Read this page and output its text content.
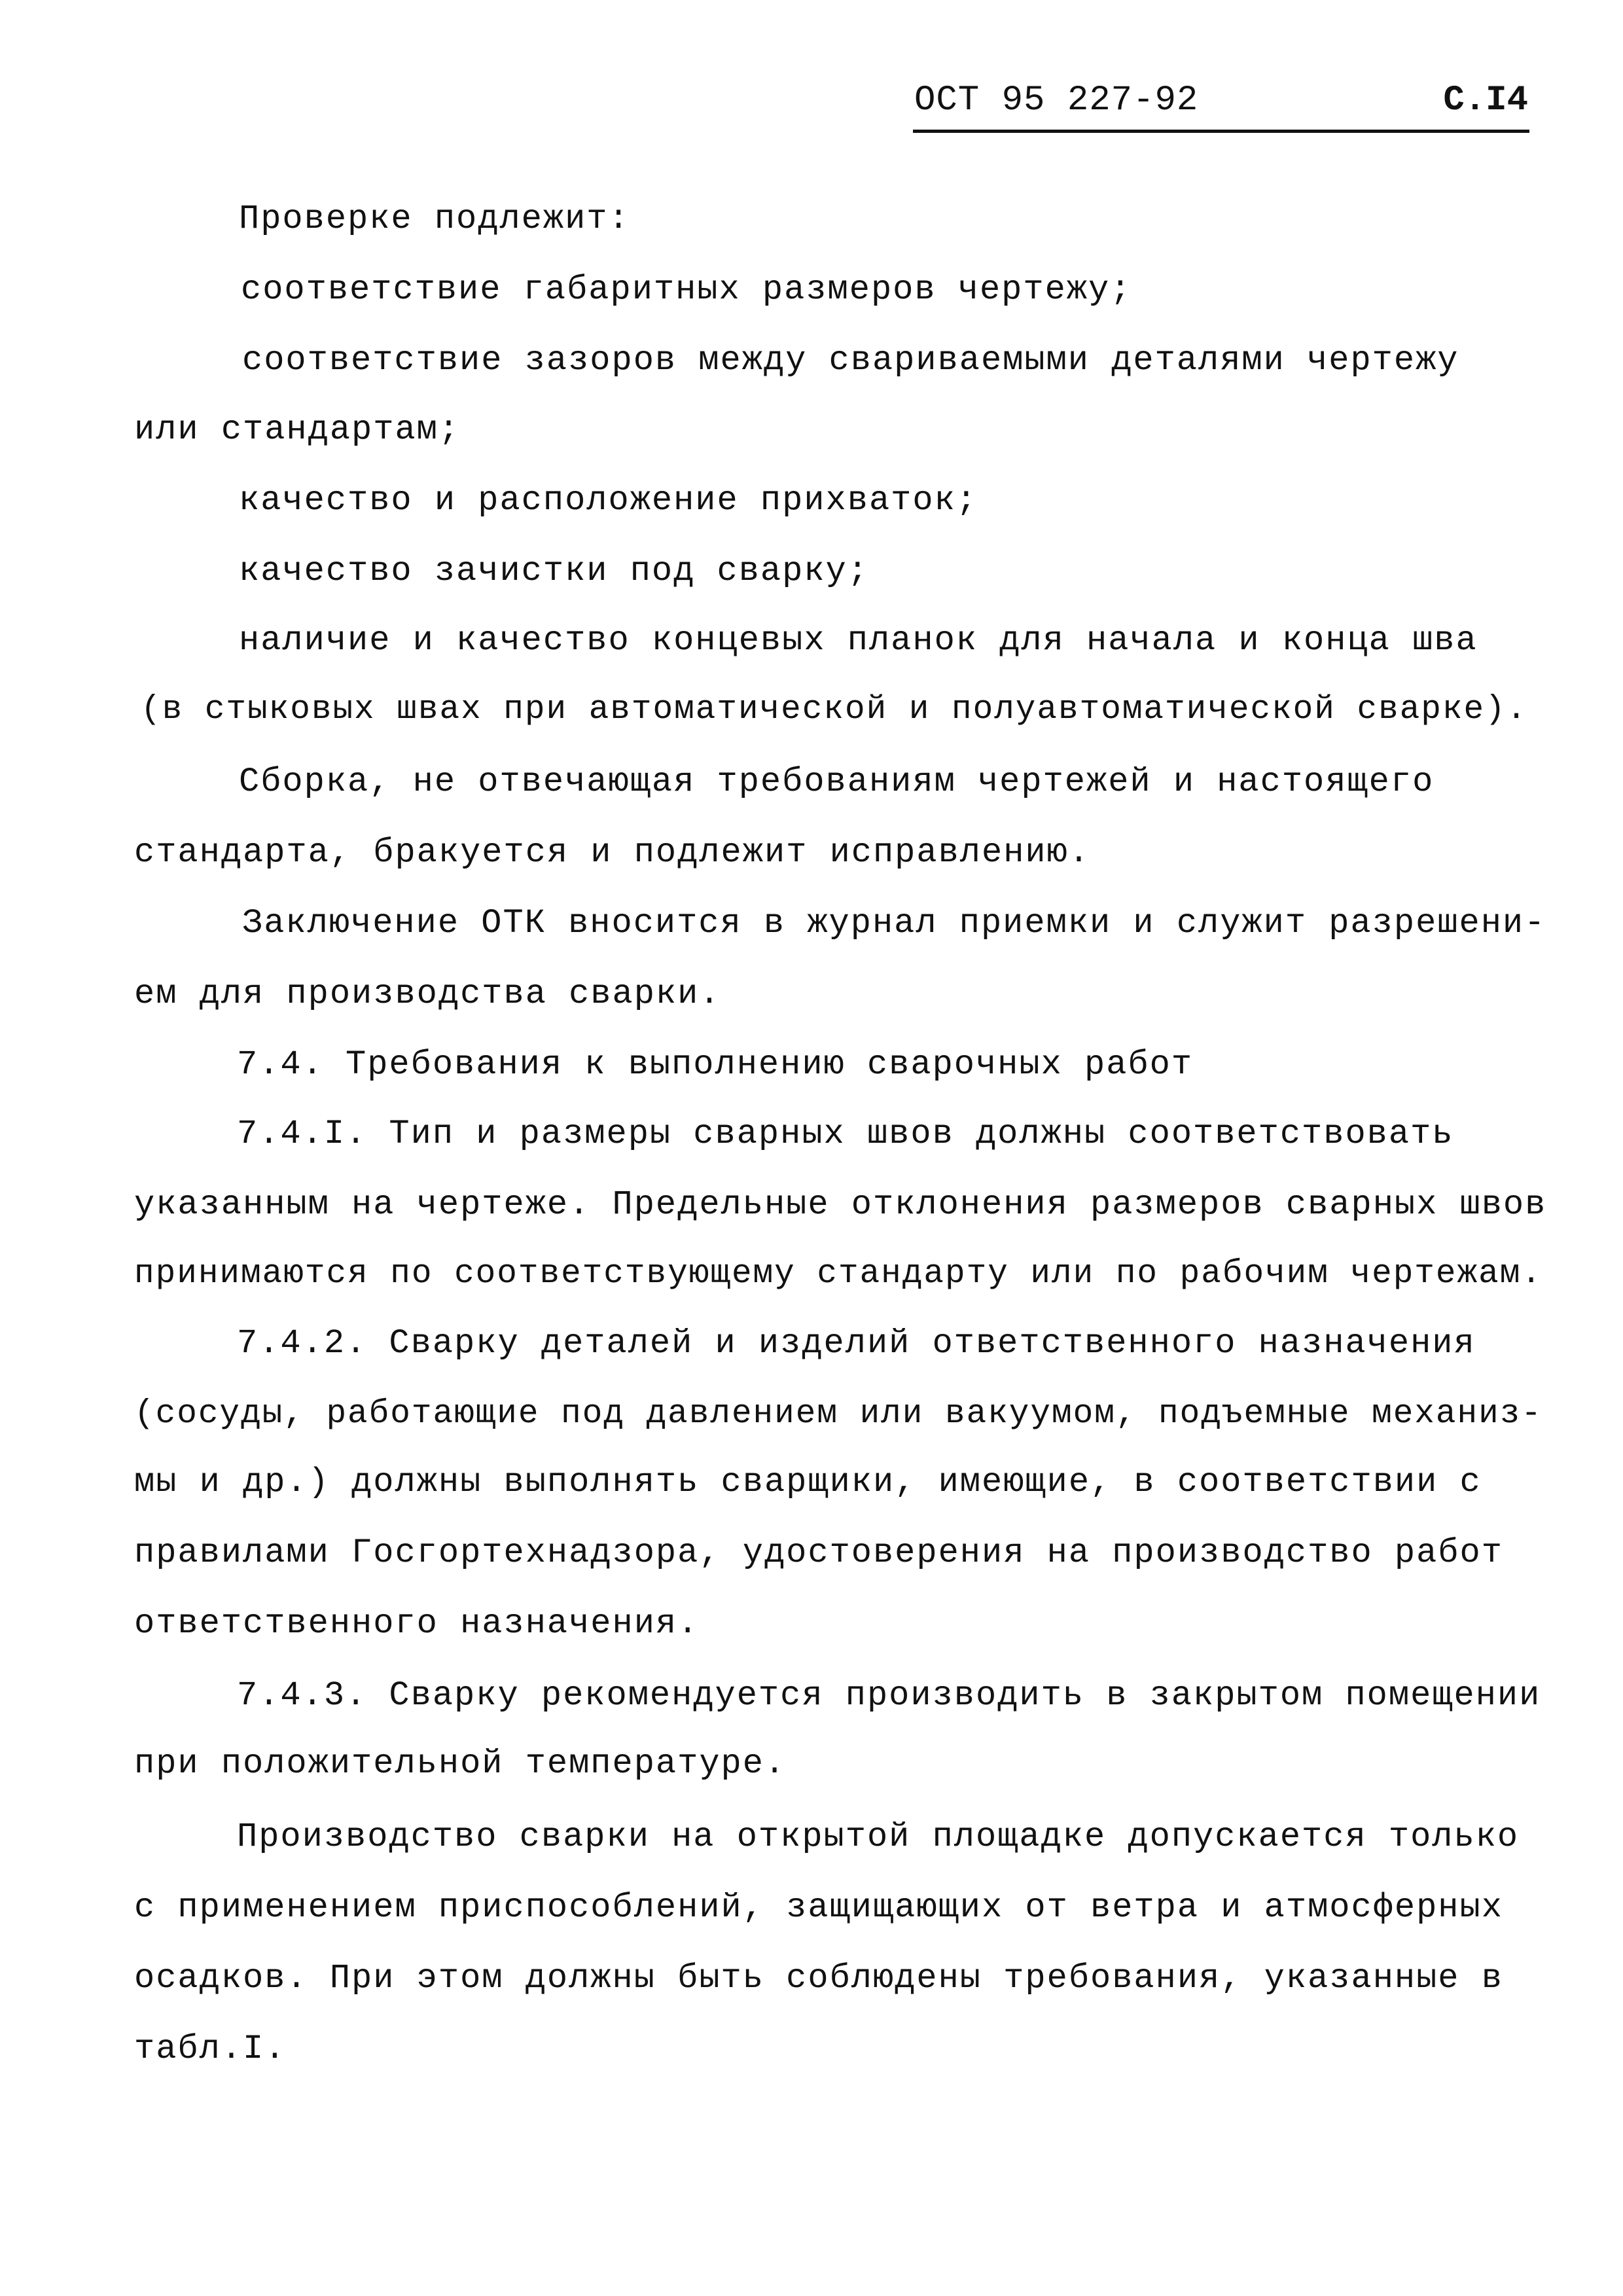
ОСТ 95 227-92	С.I4
Проверке подлежит:
соответствие габаритных размеров чертежу;
соответствие зазоров между свариваемыми деталями чертежу
или стандартам;
качество и расположение прихваток;
качество зачистки под сварку;
наличие и качество концевых планок для начала и конца шва
(в стыковых швах при автоматической и полуавтоматической сварке).
Сборка, не отвечающая требованиям чертежей и настоящего
стандарта, бракуется и подлежит исправлению.
Заключение ОТК вносится в журнал приемки и служит разрешени-
ем для производства сварки.
7.4. Требования к выполнению сварочных работ
7.4.I. Тип и размеры сварных швов должны соответствовать
указанным на чертеже. Предельные отклонения размеров сварных швов
принимаются по соответствующему стандарту или по рабочим чертежам.
7.4.2. Сварку деталей и изделий ответственного назначения
(сосуды, работающие под давлением или вакуумом, подъемные механиз-
мы и др.) должны выполнять сварщики, имеющие, в соответствии с
правилами Госгортехнадзора, удостоверения на производство работ
ответственного назначения.
7.4.3. Сварку рекомендуется производить в закрытом помещении
при положительной температуре.
Производство сварки на открытой площадке допускается только
с применением приспособлений, защищающих от ветра и атмосферных
осадков. При этом должны быть соблюдены требования, указанные в
табл.I.
